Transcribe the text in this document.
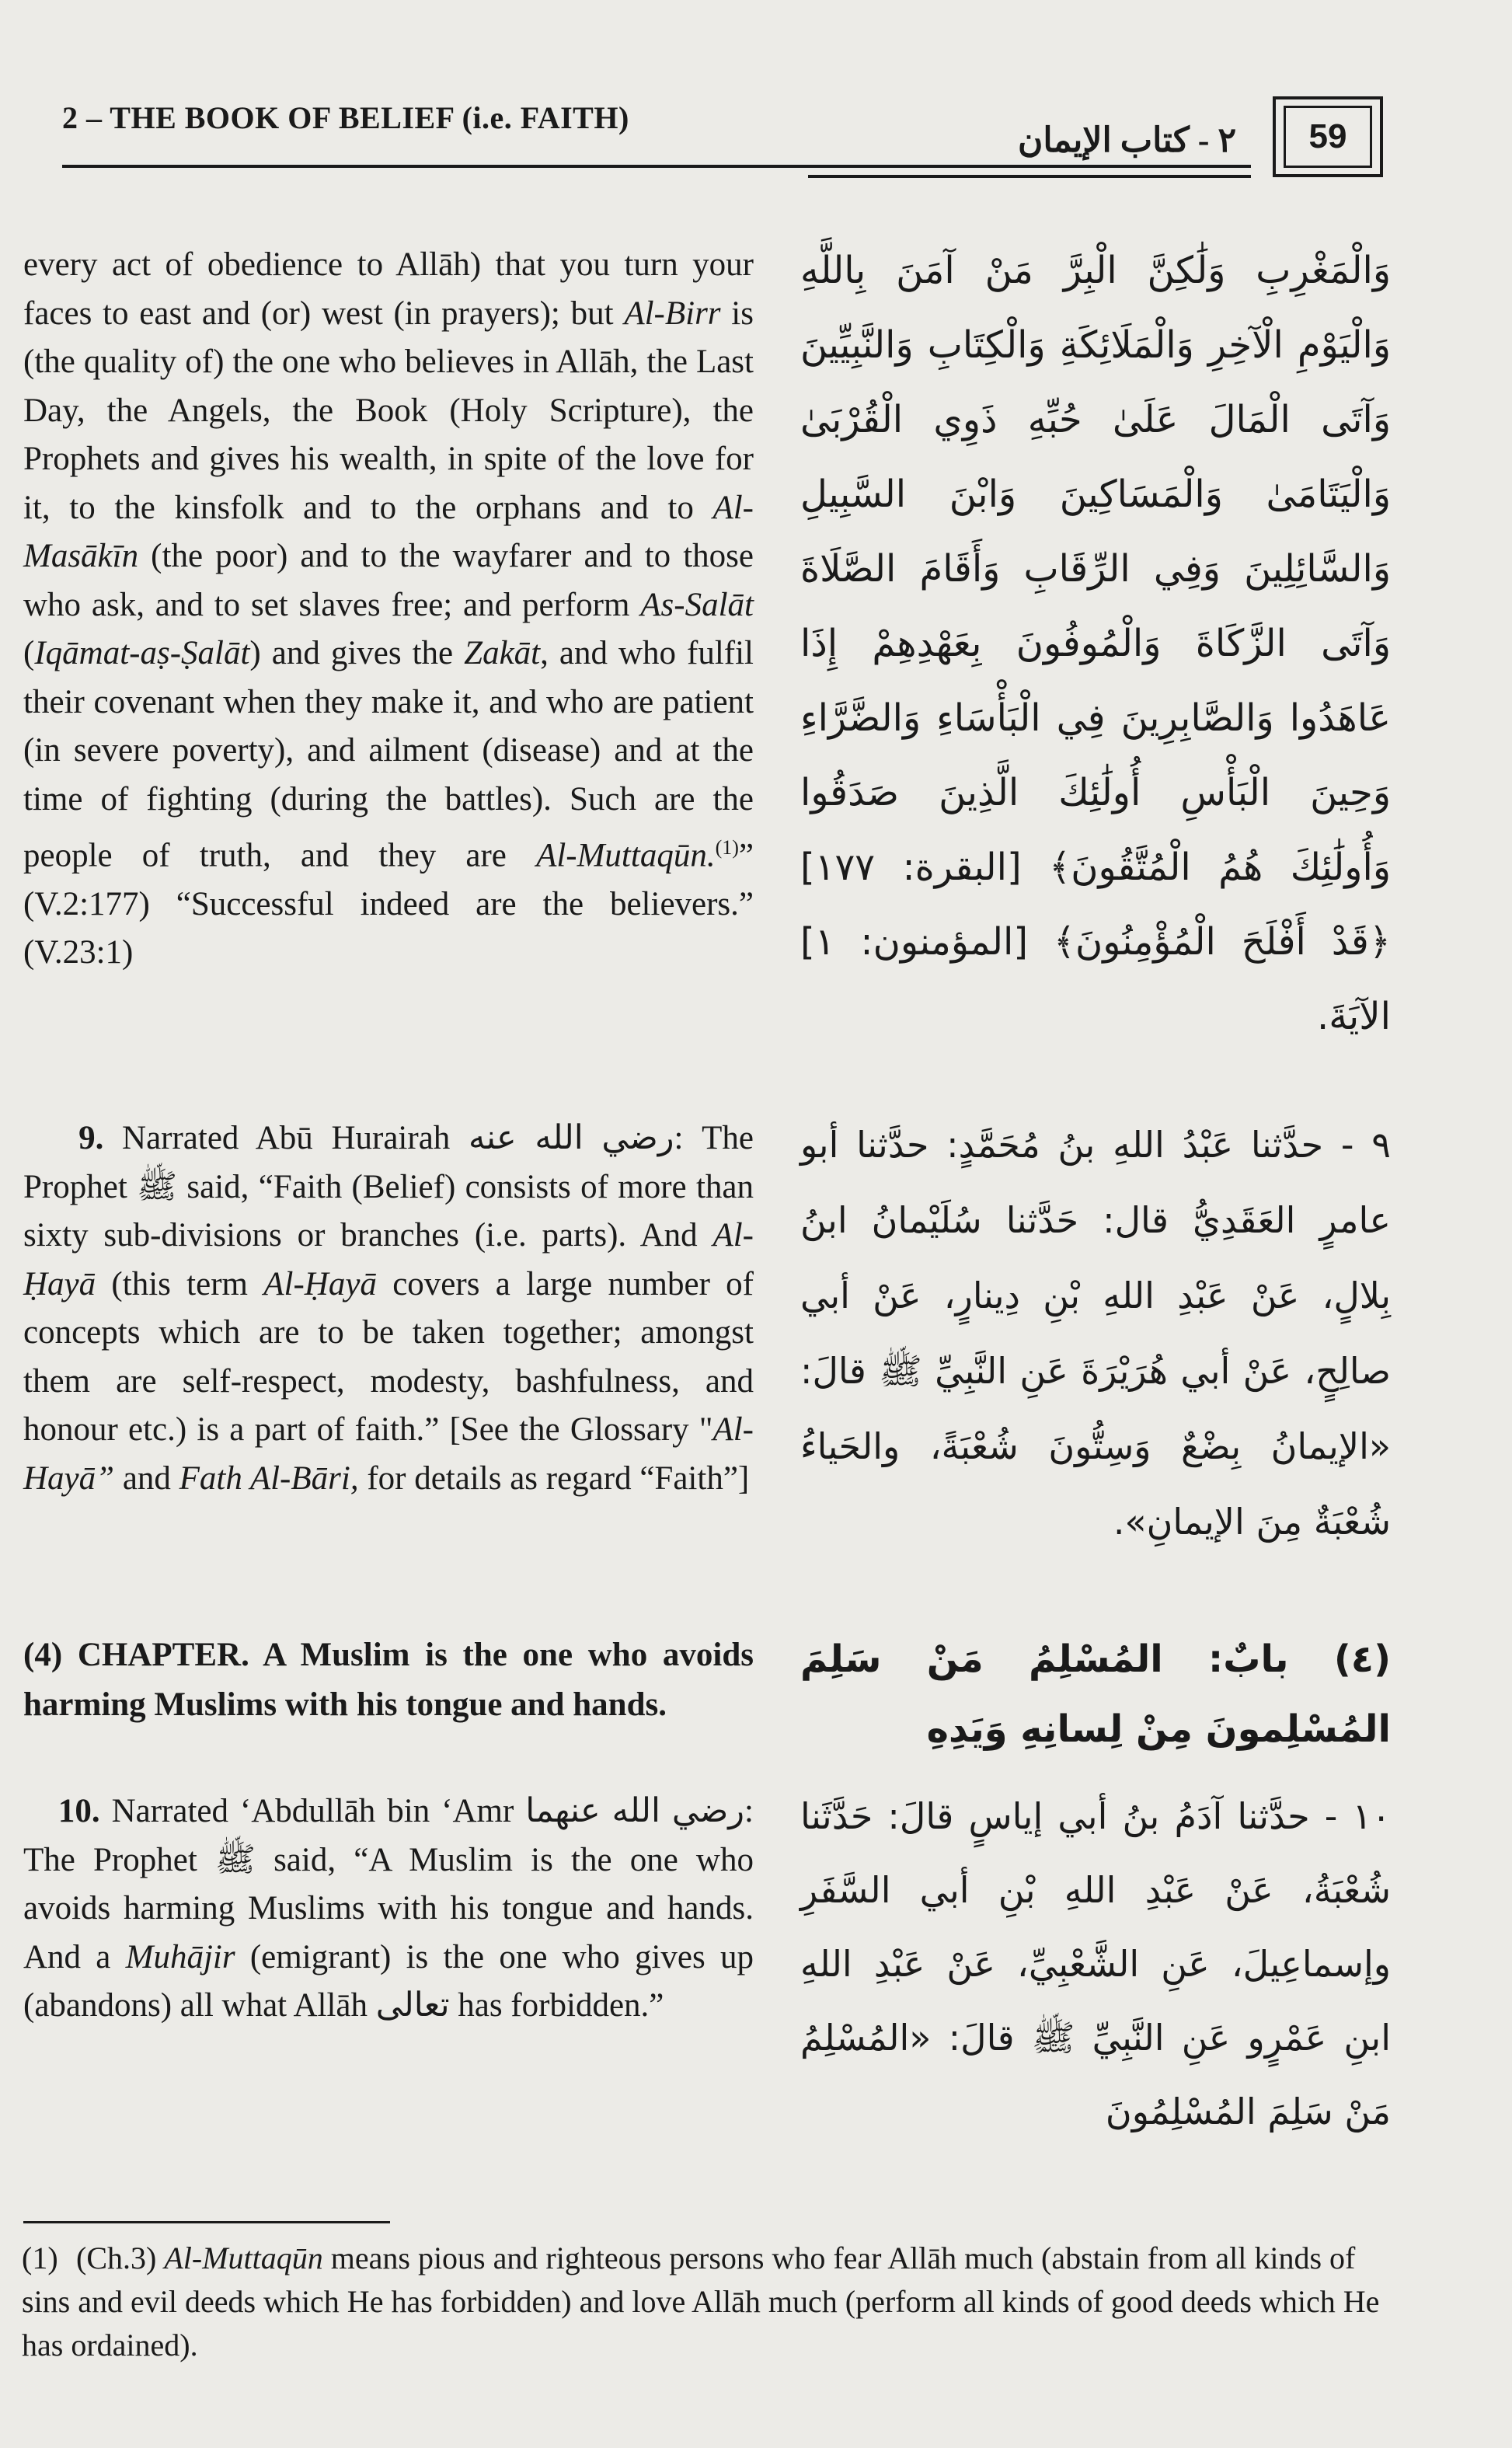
2 – THE BOOK OF BELIEF (i.e. FAITH)
٢ - كتاب الإيمان	59
every act of obedience to Allāh) that you turn your faces to east and (or) west (in prayers); but Al-Birr is (the quality of) the one who believes in Allāh, the Last Day, the Angels, the Book (Holy Scripture), the Prophets and gives his wealth, in spite of the love for it, to the kinsfolk and to the orphans and to Al-Masākīn (the poor) and to the wayfarer and to those who ask, and to set slaves free; and perform As-Salāt (Iqāmat-aṣ-Ṣalāt) and gives the Zakāt, and who fulfil their covenant when they make it, and who are patient (in severe poverty), and ailment (disease) and at the time of fighting (during the battles). Such are the people of truth, and they are Al-Muttaqūn.$^{(1)}$” (V.2:177) “Successful indeed are the believers.” (V.23:1)
وَالْمَغْرِبِ وَلَٰكِنَّ الْبِرَّ مَنْ آمَنَ بِاللَّهِ وَالْيَوْمِ الْآخِرِ وَالْمَلَائِكَةِ وَالْكِتَابِ وَالنَّبِيِّينَ وَآتَى الْمَالَ عَلَىٰ حُبِّهِ ذَوِي الْقُرْبَىٰ وَالْيَتَامَىٰ وَالْمَسَاكِينَ وَابْنَ السَّبِيلِ وَالسَّائِلِينَ وَفِي الرِّقَابِ وَأَقَامَ الصَّلَاةَ وَآتَى الزَّكَاةَ وَالْمُوفُونَ بِعَهْدِهِمْ إِذَا عَاهَدُوا وَالصَّابِرِينَ فِي الْبَأْسَاءِ وَالضَّرَّاءِ وَحِينَ الْبَأْسِ أُولَٰئِكَ الَّذِينَ صَدَقُوا وَأُولَٰئِكَ هُمُ الْمُتَّقُونَ﴾ [البقرة: ١٧٧] ﴿قَدْ أَفْلَحَ الْمُؤْمِنُونَ﴾ [المؤمنون: ١] الآيَةَ.
9. Narrated Abū Hurairah رضي الله عنه: The Prophet ﷺ said, “Faith (Belief) consists of more than sixty sub-divisions or branches (i.e. parts). And Al-Ḥayā (this term Al-Ḥayā covers a large number of concepts which are to be taken together; amongst them are self-respect, modesty, bashfulness, and honour etc.) is a part of faith.” [See the Glossary "Al-Hayā” and Fath Al-Bāri, for details as regard “Faith”]
٩ - حدَّثنا عَبْدُ اللهِ بنُ مُحَمَّدٍ: حدَّثنا أبو عامرٍ العَقَدِيُّ قال: حَدَّثنا سُلَيْمانُ ابنُ بِلالٍ، عَنْ عَبْدِ اللهِ بْنِ دِينارٍ، عَنْ أبي صالِحٍ، عَنْ أبي هُرَيْرَةَ عَنِ النَّبِيِّ ﷺ قالَ: «الإيمانُ بِضْعٌ وَسِتُّونَ شُعْبَةً، والحَياءُ شُعْبَةٌ مِنَ الإيمانِ».
(4) CHAPTER. A Muslim is the one who avoids harming Muslims with his tongue and hands.
(٤) بابٌ: المُسْلِمُ مَنْ سَلِمَ المُسْلِمونَ مِنْ لِسانِهِ وَيَدِهِ
10. Narrated ‘Abdullāh bin ‘Amr رضي الله عنهما: The Prophet ﷺ said, “A Muslim is the one who avoids harming Muslims with his tongue and hands. And a Muhājir (emigrant) is the one who gives up (abandons) all what Allāh تعالى has forbidden.”
١٠ - حدَّثنا آدَمُ بنُ أبي إياسٍ قالَ: حَدَّثَنا شُعْبَةُ، عَنْ عَبْدِ اللهِ بْنِ أبي السَّفَرِ وإسماعِيلَ، عَنِ الشَّعْبِيِّ، عَنْ عَبْدِ اللهِ ابنِ عَمْرٍو عَنِ النَّبِيِّ ﷺ قالَ: «المُسْلِمُ مَنْ سَلِمَ المُسْلِمُونَ
(1) (Ch.3) Al-Muttaqūn means pious and righteous persons who fear Allāh much (abstain from all kinds of sins and evil deeds which He has forbidden) and love Allāh much (perform all kinds of good deeds which He has ordained).
